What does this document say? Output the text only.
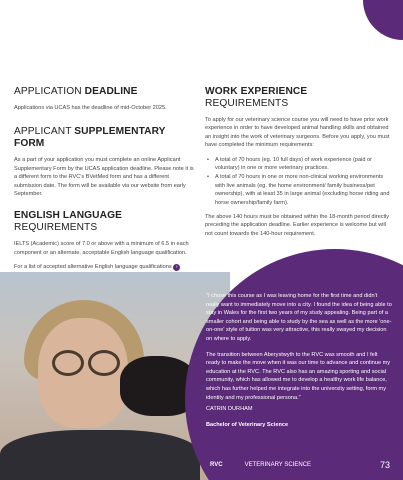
APPLICATION DEADLINE

Applications via UCAS has the deadline of mid-October 2025.

APPLICANT SUPPLEMENTARY FORM

As a part of your application you must complete an online Applicant Supplementary Form by the UCAS application deadline. Please note it is a different form to the RVC's BVetMed form and has a different submission date. The form will be available via our website from early September.

ENGLISH LANGUAGE REQUIREMENTS

IELTS (Academic) score of 7.0 or above with a minimum of 6.5 in each component or an alternate, acceptable English language qualification.

For a list of accepted alternative English language qualifications ›

WORK EXPERIENCE REQUIREMENTS

To apply for our veterinary science course you will need to have prior work experience in order to have developed animal handling skills and obtained an insight into the work of veterinary surgeons. Before you apply, you must have completed the minimum requirements:

• A total of 70 hours (eg. 10 full days) of work experience (paid or voluntary) in one or more veterinary practices.
• A total of 70 hours in one or more non-clinical working environments with live animals (eg. the home environment/ family business/pet ownership), with at least 35 in large animal (excluding horse riding and horse ownership/family farm).

The above 140 hours must be obtained within the 18-month period directly preceding the application deadline. Earlier experience is welcome but will not count towards the 140-hour requirement.

"I chose this course as I was leaving home for the first time and didn't really want to immediately move into a city. I found the idea of being able to stay in Wales for the first two years of my study appealing. Being part of a smaller cohort and being able to study by the sea as well as the more 'one-on-one' style of tuition was very attractive, this really swayed my decision on where to apply.

The transition between Aberystwyth to the RVC was smooth and I felt ready to make the move when it was our time to advance and continue my education at the RVC. The RVC also has an amazing sporting and social community, which has allowed me to develop a healthy work life balance, which has further helped me integrate into the university setting, form my identity and my professional persona."

CATRIN DURHAM

Bachelor of Veterinary Science

RVC	VETERINARY SCIENCE	73
